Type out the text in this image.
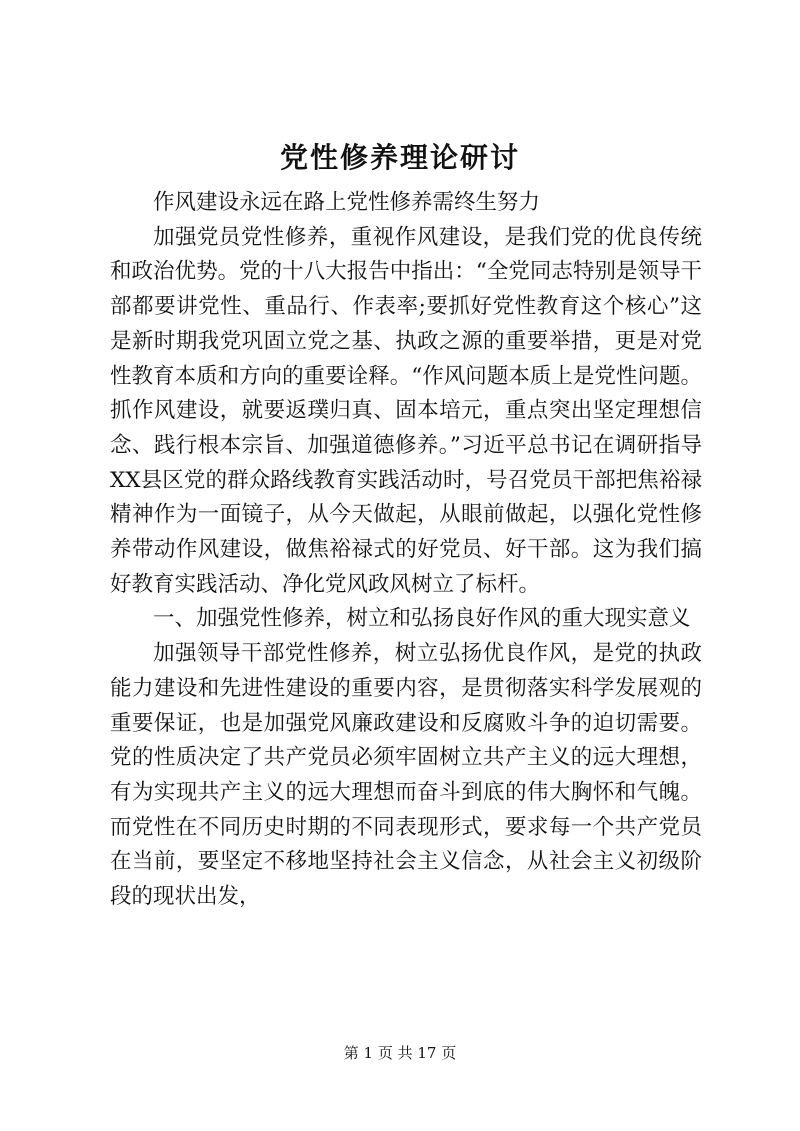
党性修养理论研讨

作风建设永远在路上党性修养需终生努力

加强党员党性修养，重视作风建设，是我们党的优良传统和政治优势。党的十八大报告中指出：“全党同志特别是领导干部都要讲党性、重品行、作表率;要抓好党性教育这个核心”这是新时期我党巩固立党之基、执政之源的重要举措，更是对党性教育本质和方向的重要诠释。“作风问题本质上是党性问题。抓作风建设，就要返璞归真、固本培元，重点突出坚定理想信念、践行根本宗旨、加强道德修养。”习近平总书记在调研指导XX县区党的群众路线教育实践活动时，号召党员干部把焦裕禄精神作为一面镜子，从今天做起，从眼前做起，以强化党性修养带动作风建设，做焦裕禄式的好党员、好干部。这为我们搞好教育实践活动、净化党风政风树立了标杆。

一、加强党性修养，树立和弘扬良好作风的重大现实意义

加强领导干部党性修养，树立弘扬优良作风，是党的执政能力建设和先进性建设的重要内容，是贯彻落实科学发展观的重要保证，也是加强党风廉政建设和反腐败斗争的迫切需要。党的性质决定了共产党员必须牢固树立共产主义的远大理想，有为实现共产主义的远大理想而奋斗到底的伟大胸怀和气魄。而党性在不同历史时期的不同表现形式，要求每一个共产党员在当前，要坚定不移地坚持社会主义信念，从社会主义初级阶段的现状出发，

第 1 页 共 17 页
